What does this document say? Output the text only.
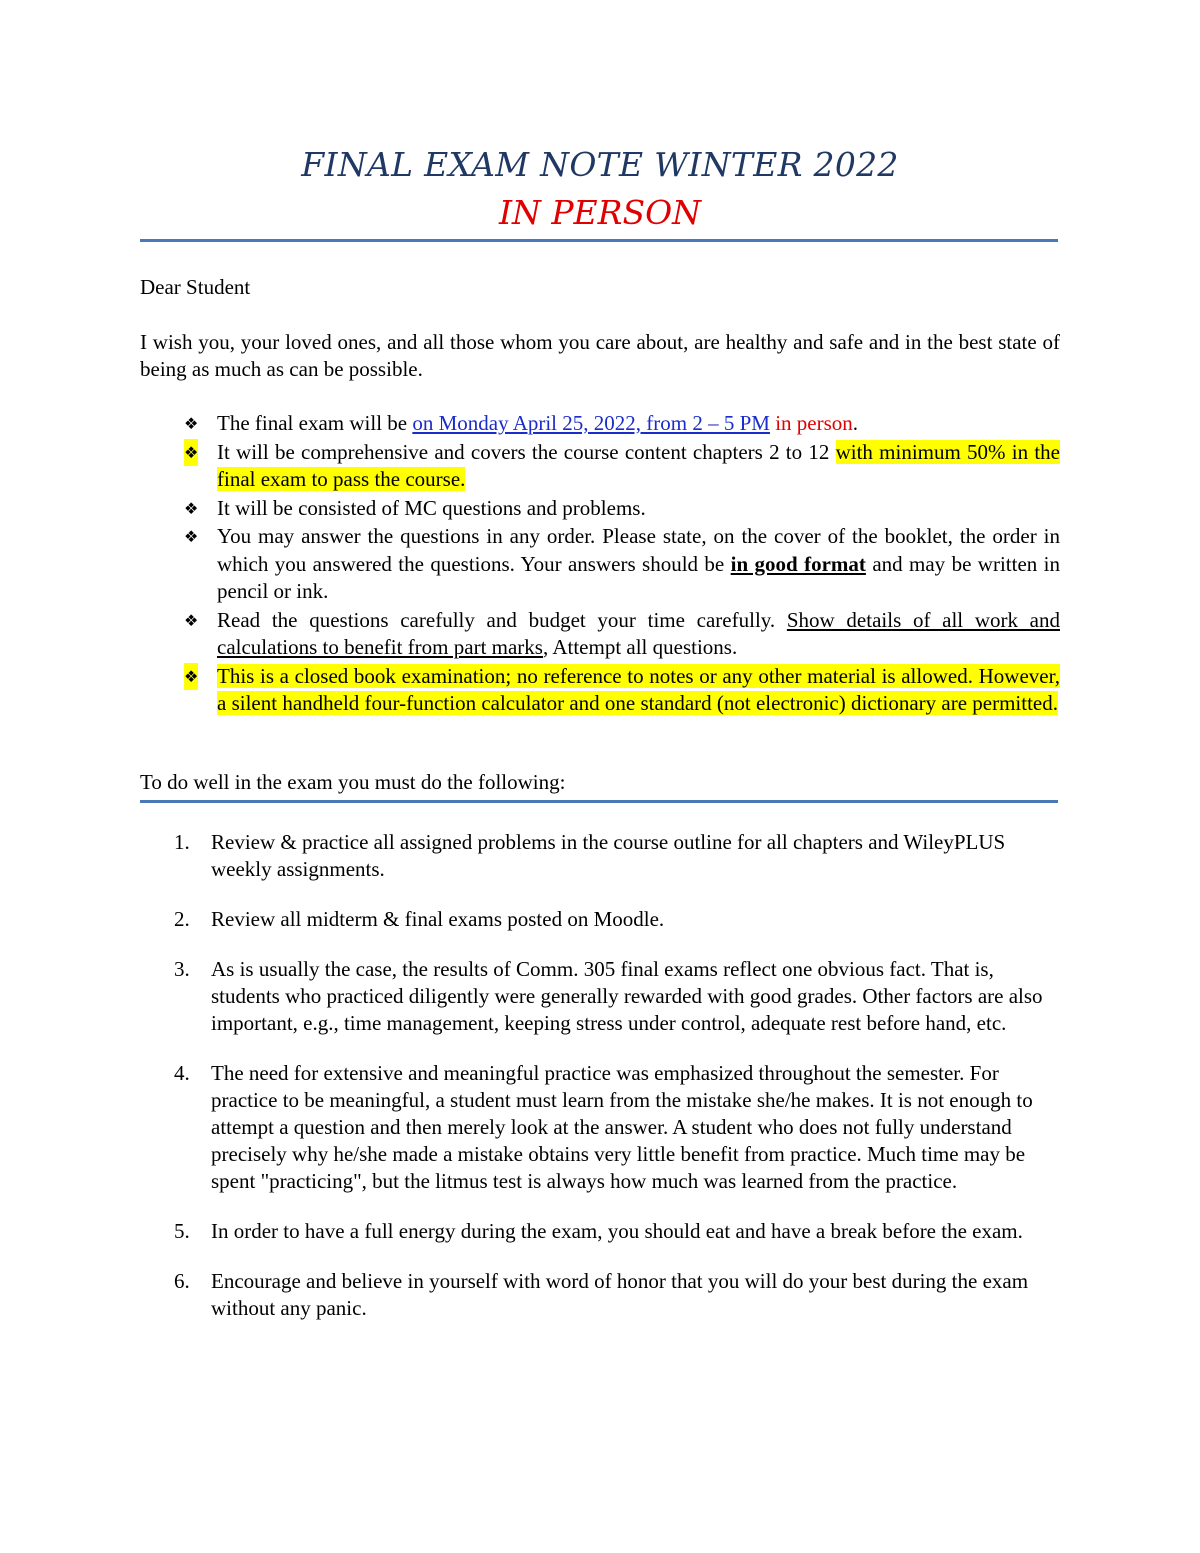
FINAL EXAM NOTE WINTER 2022
IN PERSON
Dear Student
I wish you, your loved ones, and all those whom you care about, are healthy and safe and in the best state of being as much as can be possible.
❖ The final exam will be on Monday April 25, 2022, from 2 – 5 PM in person.
❖ It will be comprehensive and covers the course content chapters 2 to 12 with minimum 50% in the final exam to pass the course.
❖ It will be consisted of MC questions and problems.
❖ You may answer the questions in any order. Please state, on the cover of the booklet, the order in which you answered the questions. Your answers should be in good format and may be written in pencil or ink.
❖ Read the questions carefully and budget your time carefully. Show details of all work and calculations to benefit from part marks, Attempt all questions.
❖ This is a closed book examination; no reference to notes or any other material is allowed. However, a silent handheld four-function calculator and one standard (not electronic) dictionary are permitted.
To do well in the exam you must do the following:
1. Review & practice all assigned problems in the course outline for all chapters and WileyPLUS weekly assignments.
2. Review all midterm & final exams posted on Moodle.
3. As is usually the case, the results of Comm. 305 final exams reflect one obvious fact. That is, students who practiced diligently were generally rewarded with good grades. Other factors are also important, e.g., time management, keeping stress under control, adequate rest before hand, etc.
4. The need for extensive and meaningful practice was emphasized throughout the semester. For practice to be meaningful, a student must learn from the mistake she/he makes. It is not enough to attempt a question and then merely look at the answer. A student who does not fully understand precisely why he/she made a mistake obtains very little benefit from practice. Much time may be spent "practicing", but the litmus test is always how much was learned from the practice.
5. In order to have a full energy during the exam, you should eat and have a break before the exam.
6. Encourage and believe in yourself with word of honor that you will do your best during the exam without any panic.
